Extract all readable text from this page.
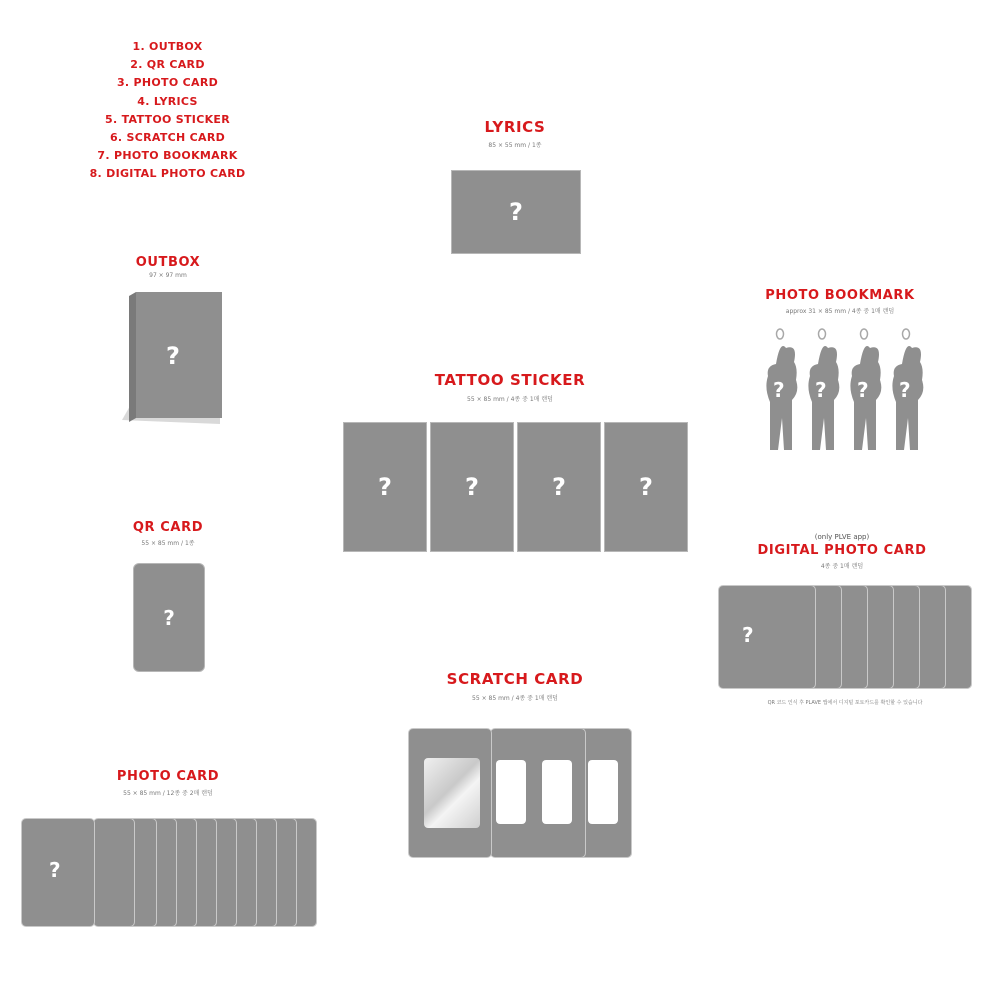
1. OUTBOX
2. QR CARD
3. PHOTO CARD
4. LYRICS
5. TATTOO STICKER
6. SCRATCH CARD
7. PHOTO BOOKMARK
8. DIGITAL PHOTO CARD
LYRICS
85 × 55 mm / 1종
?
OUTBOX
97 × 97 mm
?
PHOTO BOOKMARK
approx 31 × 85 mm / 4종 중 1매 랜덤
? ? ? ?
TATTOO STICKER
55 × 85 mm / 4종 중 1매 랜덤
?	?	?	?
QR CARD
55 × 85 mm / 1종
?
(only PLVE app)
DIGITAL PHOTO CARD
4종 중 1매 랜덤
?
QR 코드 인식 후 PLAVE 앱에서 디지털 포토카드를 확인할 수 있습니다
SCRATCH CARD
55 × 85 mm / 4종 중 1매 랜덤
PHOTO CARD
55 × 85 mm / 12종 중 2매 랜덤
?
